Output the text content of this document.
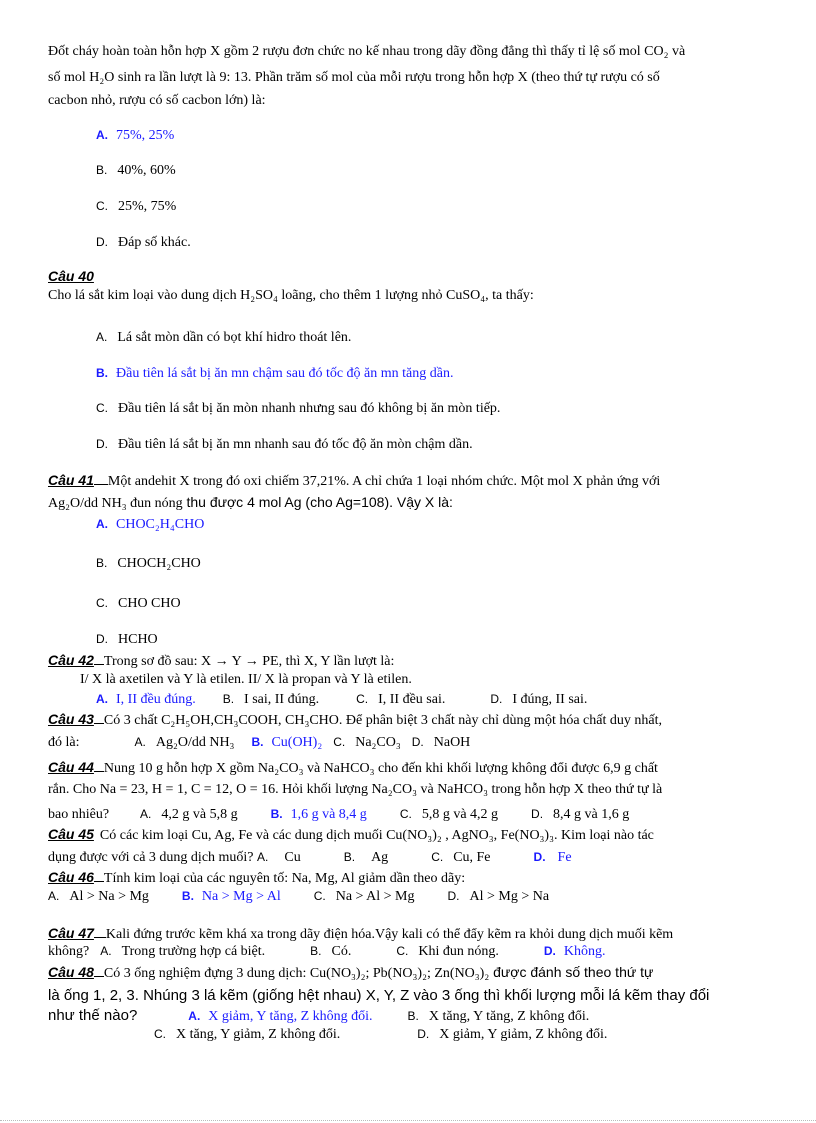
Đốt cháy hoàn toàn hỗn hợp X gồm 2 rượu đơn chức no kế nhau trong dãy đồng đẳng thì thấy tỉ lệ số mol CO₂ và
số mol H₂O sinh ra lần lượt là 9: 13. Phần trăm số mol của mỗi rượu trong hỗn hợp X (theo thứ tự rượu có số
cacbon nhỏ, rượu có số cacbon lớn) là:
A. 75%, 25%
B. 40%, 60%
C. 25%, 75%
D. Đáp số khác.
Câu 40
Cho lá sắt kim loại vào dung dịch H₂SO₄ loãng, cho thêm 1 lượng nhỏ CuSO₄, ta thấy:
A. Lá sắt mòn dần có bọt khí hidro thoát lên.
B. Đầu tiên lá sắt bị ăn mn chậm sau đó tốc độ ăn mn tăng dần.
C. Đầu tiên lá sắt bị ăn mòn nhanh nhưng sau đó không bị ăn mòn tiếp.
D. Đầu tiên lá sắt bị ăn mn nhanh sau đó tốc độ ăn mòn chậm dần.
Câu 41 Một andehit X trong đó oxi chiếm 37,21%. A chỉ chứa 1 loại nhóm chức. Một mol X phản ứng với
Ag₂O/dd NH₃ đun nóng thu được 4 mol Ag (cho Ag=108). Vậy X là:
A. CHOC₂H₄CHO
B. CHOCH₂CHO
C. CHO CHO
D. HCHO
Câu 42 Trong sơ đồ sau: X → Y → PE, thì X, Y lần lượt là:
I/ X là axetilen và Y là etilen. II/ X là propan và Y là etilen.
A. I, II đều đúng. B. I sai, II đúng.	C. I, II đều sai.	D. I đúng, II sai.
Câu 43 Có 3 chất C₂H₅OH,CH₃COOH, CH₃CHO. Để phân biệt 3 chất này chỉ dùng một hóa chất duy nhất,
đó là:	A. Ag₂O/dd NH₃ B. Cu(OH)₂ C. Na₂CO₃ D. NaOH
Câu 44 Nung 10 g hỗn hợp X gồm Na₂CO₃ và NaHCO₃ cho đến khi khối lượng không đổi được 6,9 g chất
rắn. Cho Na = 23, H = 1, C = 12, O = 16. Hỏi khối lượng Na₂CO₃ và NaHCO₃ trong hỗn hợp X theo thứ tự là
bao nhiêu?	A. 4,2 g và 5,8 g	B. 1,6 g và 8,4 g	C. 5,8 g và 4,2 g	D. 8,4 g và 1,6 g
Câu 45 Có các kim loại Cu, Ag, Fe và các dung dịch muối Cu(NO₃)₂ , AgNO₃, Fe(NO₃)₃. Kim loại nào tác
dụng được với cả 3 dung dịch muối? A. Cu	B. Ag	C. Cu, Fe	D. Fe
Câu 46 Tính kim loại của các nguyên tố: Na, Mg, Al giảm dần theo dãy:
A. Al > Na > Mg	B. Na > Mg > Al	C. Na > Al > Mg	D. Al > Mg > Na
Câu 47 Kali đứng trước kẽm khá xa trong dãy điện hóa.Vậy kali có thể đẩy kẽm ra khỏi dung dịch muối kẽm
không? A. Trong trường hợp cá biệt.	B. Có.	C. Khi đun nóng.	D. Không.
Câu 48 Có 3 ống nghiệm đựng 3 dung dịch: Cu(NO₃)₂; Pb(NO₃)₂; Zn(NO₃)₂ được đánh số theo thứ tự
là ống 1, 2, 3. Nhúng 3 lá kẽm (giống hệt nhau) X, Y, Z vào 3 ống thì khối lượng mỗi lá kẽm thay đổi
như thế nào?	A. X giảm, Y tăng, Z không đổi.	B. X tăng, Y tăng, Z không đổi.
C. X tăng, Y giảm, Z không đổi.	D. X giảm, Y giảm, Z không đổi.
